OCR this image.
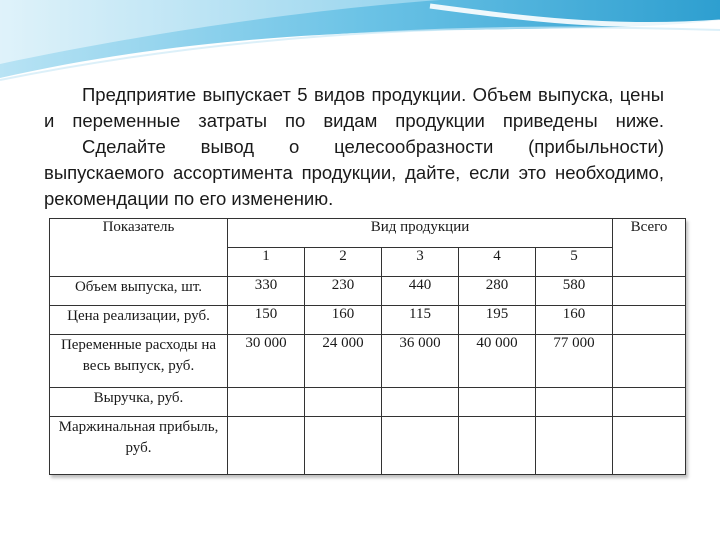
Предприятие выпускает 5 видов продукции. Объем выпуска, цены и переменные затраты по видам продукции приведены ниже.

Сделайте вывод о целесообразности (прибыльности) выпускаемого ассортимента продукции, дайте, если это необходимо, рекомендации по его изменению.

Показатель	Вид продукции					Всего
	1	2	3	4	5	
Объем выпуска, шт.	330	230	440	280	580	
Цена реализации, руб.	150	160	115	195	160	
Переменные расходы на весь выпуск, руб.	30 000	24 000	36 000	40 000	77 000	
Выручка, руб.						
Маржинальная прибыль, руб.						
